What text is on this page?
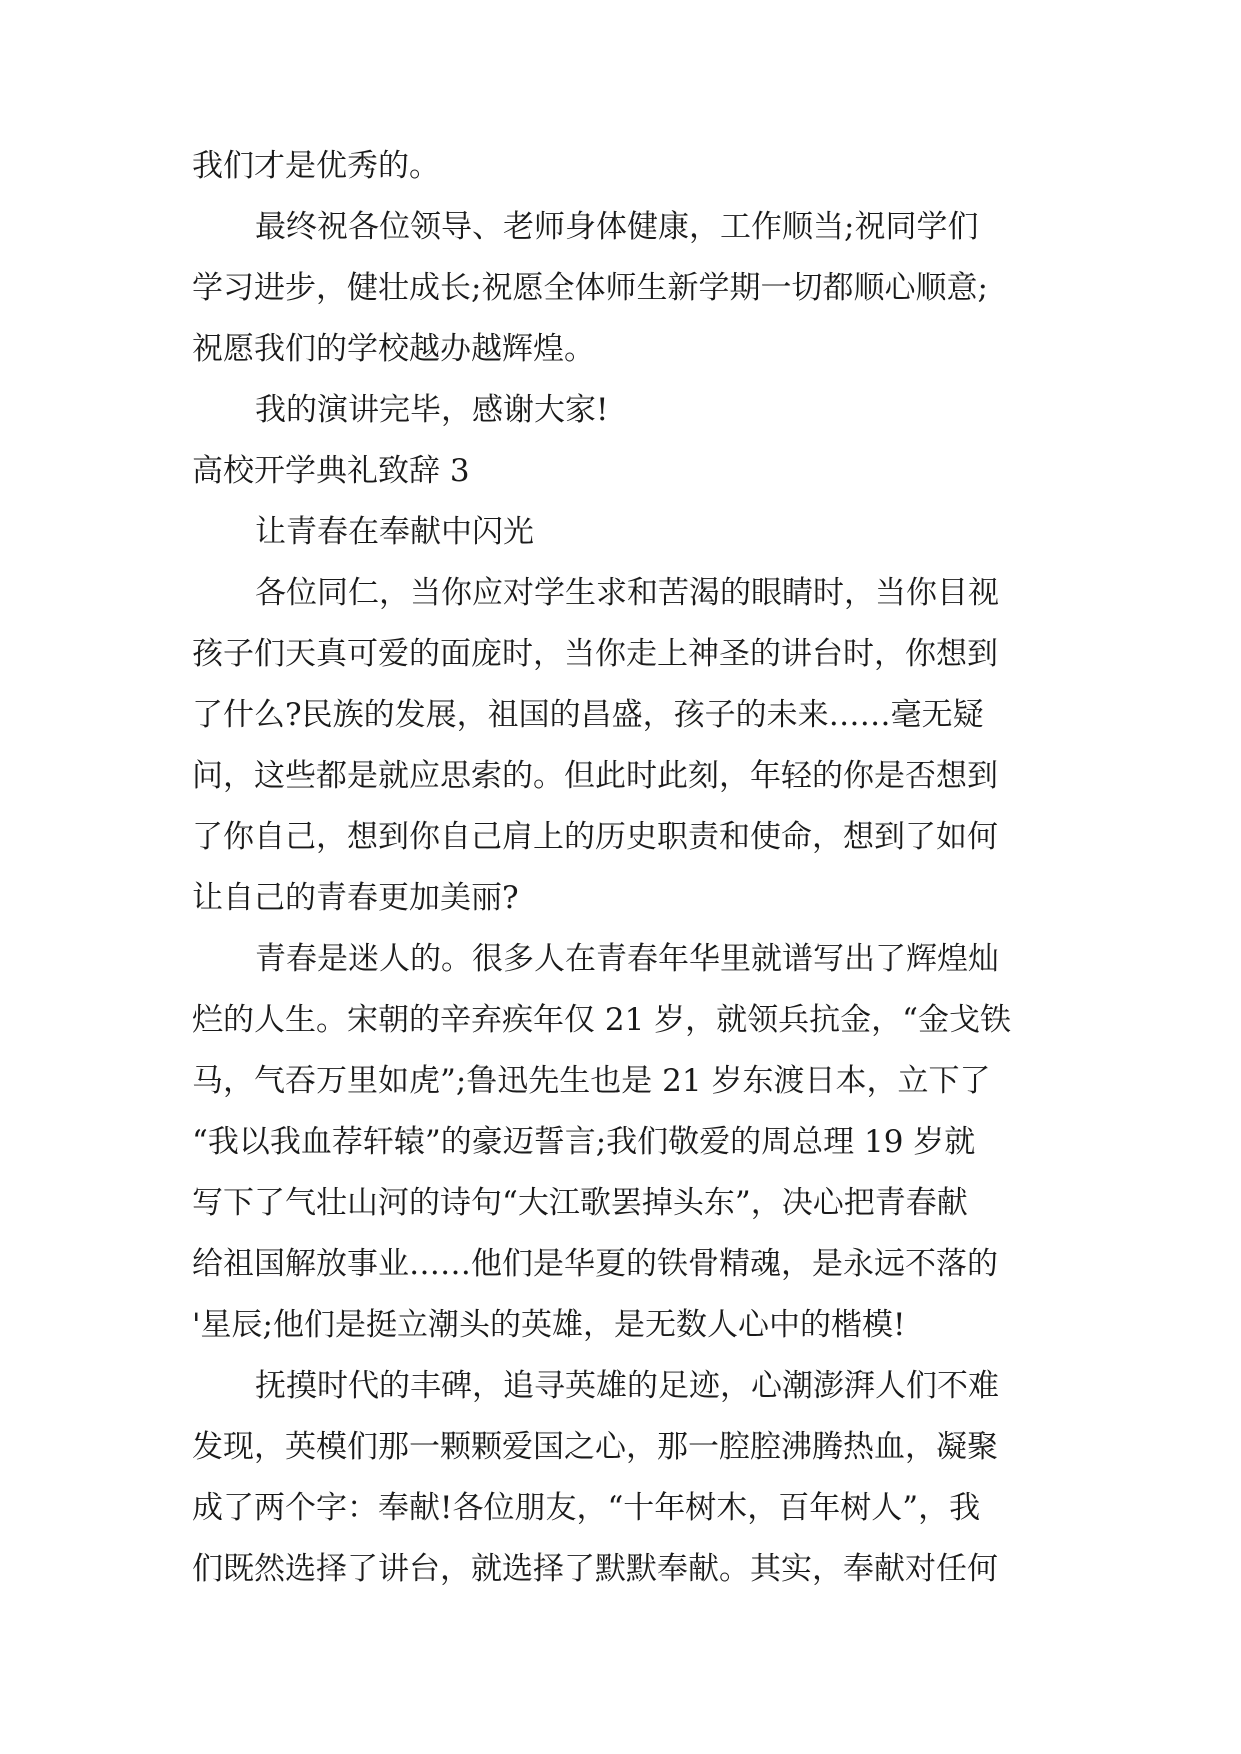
我们才是优秀的。
最终祝各位领导、老师身体健康，工作顺当;祝同学们
学习进步，健壮成长;祝愿全体师生新学期一切都顺心顺意;
祝愿我们的学校越办越辉煌。
我的演讲完毕，感谢大家!
高校开学典礼致辞 3
让青春在奉献中闪光
各位同仁，当你应对学生求和苦渴的眼睛时，当你目视
孩子们天真可爱的面庞时，当你走上神圣的讲台时，你想到
了什么?民族的发展，祖国的昌盛，孩子的未来……毫无疑
问，这些都是就应思索的。但此时此刻，年轻的你是否想到
了你自己，想到你自己肩上的历史职责和使命，想到了如何
让自己的青春更加美丽?
青春是迷人的。很多人在青春年华里就谱写出了辉煌灿
烂的人生。宋朝的辛弃疾年仅 21 岁，就领兵抗金，“金戈铁
马，气吞万里如虎”;鲁迅先生也是 21 岁东渡日本，立下了
“我以我血荐轩辕”的豪迈誓言;我们敬爱的周总理 19 岁就
写下了气壮山河的诗句“大江歌罢掉头东”，决心把青春献
给祖国解放事业……他们是华夏的铁骨精魂，是永远不落的
'星辰;他们是挺立潮头的英雄，是无数人心中的楷模!
抚摸时代的丰碑，追寻英雄的足迹，心潮澎湃人们不难
发现，英模们那一颗颗爱国之心，那一腔腔沸腾热血，凝聚
成了两个字：奉献!各位朋友，“十年树木，百年树人”，我
们既然选择了讲台，就选择了默默奉献。其实，奉献对任何
